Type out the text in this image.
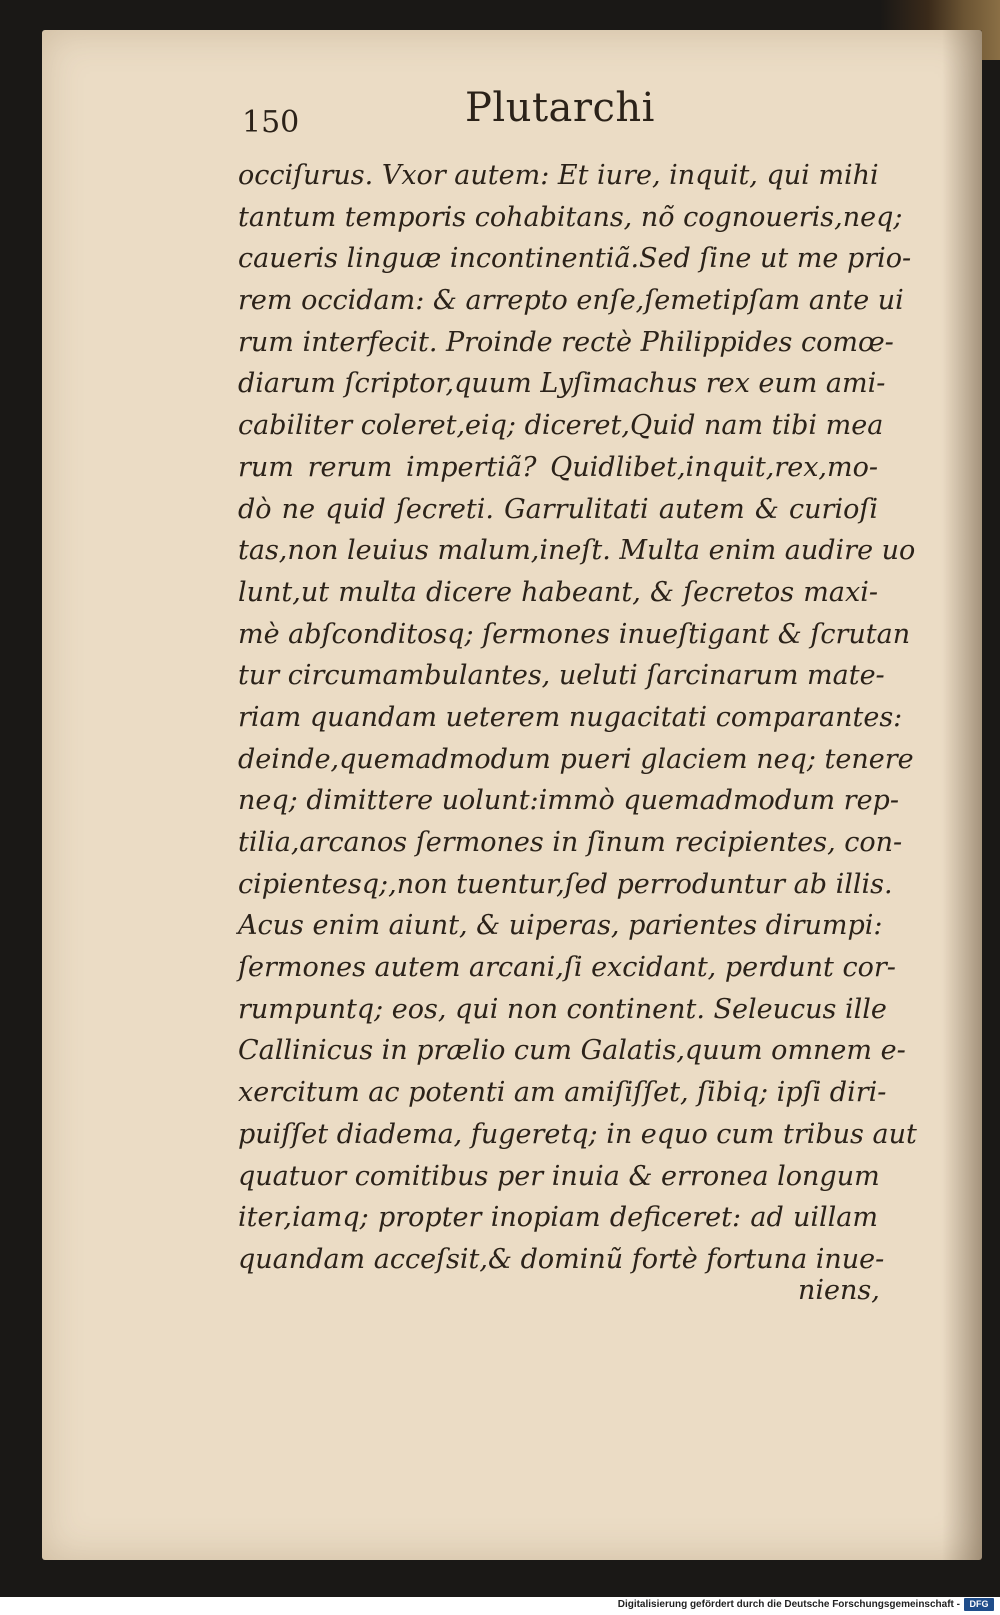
150	Plutarchi
occiſurus. Vxor autem: Et iure, inquit, qui mihi
tantum temporis cohabitans, nõ cognoueris,neq;
caueris linguæ incontinentiã.Sed ſine ut me prio-
rem occidam: & arrepto enſe,ſemetipſam ante ui
rum interfecit. Proinde rectè Philippides comœ-
diarum ſcriptor,quum Lyſimachus rex eum ami-
cabiliter coleret,eiq; diceret,Quid nam tibi mea
rum rerum impertiã? Quidlibet,inquit,rex,mo-
dò ne quid ſecreti. Garrulitati autem & curioſi
tas,non leuius malum,ineſt. Multa enim audire uo
lunt,ut multa dicere habeant, & ſecretos maxi-
mè abſconditosq; ſermones inueſtigant & ſcrutan
tur circumambulantes, ueluti ſarcinarum mate-
riam quandam ueterem nugacitati comparantes:
deinde,quemadmodum pueri glaciem neq; tenere
neq; dimittere uolunt:immò quemadmodum rep-
tilia,arcanos ſermones in ſinum recipientes, con-
cipientesq;,non tuentur,ſed perroduntur ab illis.
Acus enim aiunt, & uiperas, parientes dirumpi:
ſermones autem arcani,ſi excidant, perdunt cor-
rumpuntq; eos, qui non continent. Seleucus ille
Callinicus in prælio cum Galatis,quum omnem e-
xercitum ac potenti am amiſiſſet, ſibiq; ipſi diri-
puiſſet diadema, fugeretq; in equo cum tribus aut
quatuor comitibus per inuia & erronea longum
iter,iamq; propter inopiam deficeret: ad uillam
quandam acceſsit,& dominũ fortè fortuna inue-
niens,
Digitalisierung gefördert durch die Deutsche Forschungsgemeinschaft -	DFG
